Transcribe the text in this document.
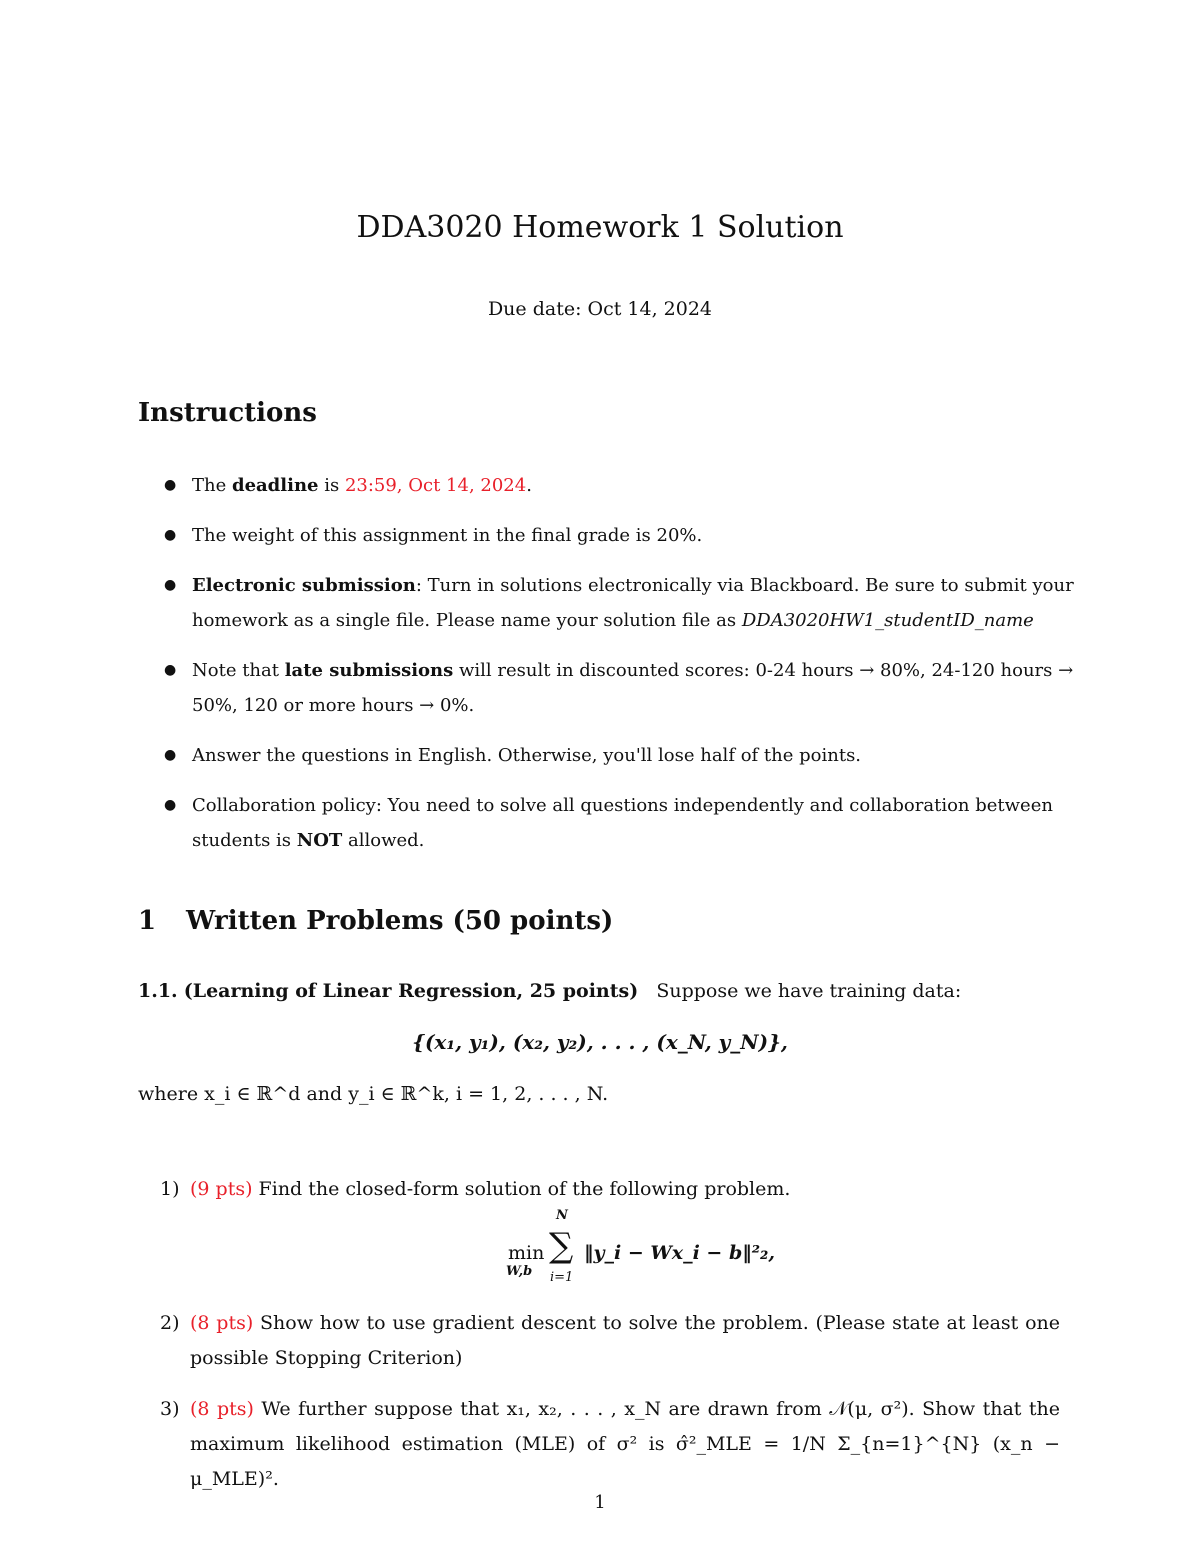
DDA3020 Homework 1 Solution
Due date: Oct 14, 2024
Instructions
● The deadline is 23:59, Oct 14, 2024.
● The weight of this assignment in the final grade is 20%.
● Electronic submission: Turn in solutions electronically via Blackboard. Be sure to submit your homework as a single file. Please name your solution file as DDA3020HW1_studentID_name
● Note that late submissions will result in discounted scores: 0-24 hours → 80%, 24-120 hours → 50%, 120 or more hours → 0%.
● Answer the questions in English. Otherwise, you'll lose half of the points.
● Collaboration policy: You need to solve all questions independently and collaboration between students is NOT allowed.
1 Written Problems (50 points)
1.1. (Learning of Linear Regression, 25 points) Suppose we have training data:
{(x₁, y₁), (x₂, y₂), . . . , (x_N, y_N)},
where x_i ∈ ℝ^d and y_i ∈ ℝ^k, i = 1, 2, . . . , N.
1) (9 pts) Find the closed-form solution of the following problem.
min
W,b
N
∑
i=1
‖y_i − Wx_i − b‖²₂,
2) (8 pts) Show how to use gradient descent to solve the problem. (Please state at least one possible Stopping Criterion)
3) (8 pts) We further suppose that x₁, x₂, . . . , x_N are drawn from 𝒩(μ, σ²). Show that the maximum likelihood estimation (MLE) of σ² is σ̂²_MLE = 1/N Σ_{n=1}^{N} (x_n − μ_MLE)².
1
